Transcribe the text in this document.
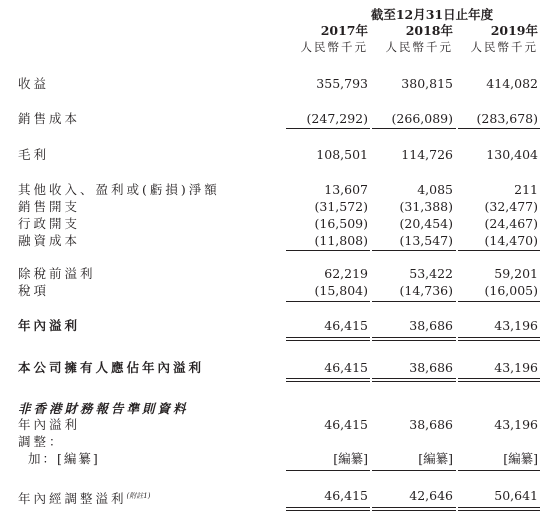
截至12月31日止年度
2017年	2018年	2019年
人民幣千元	人民幣千元	人民幣千元
收益	355,793	380,815	414,082
銷售成本	(247,292)	(266,089)	(283,678)
毛利	108,501	114,726	130,404
其他收入、盈利或(虧損)淨額	13,607	4,085	211
銷售開支	(31,572)	(31,388)	(32,477)
行政開支	(16,509)	(20,454)	(24,467)
融資成本	(11,808)	(13,547)	(14,470)
除稅前溢利	62,219	53,422	59,201
稅項	(15,804)	(14,736)	(16,005)
年內溢利	46,415	38,686	43,196
本公司擁有人應佔年內溢利	46,415	38,686	43,196
非香港財務報告準則資料
年內溢利	46,415	38,686	43,196
調整：
加：[編纂]	[編纂]	[編纂]	[編纂]
年內經調整溢利$^{(附註1)}$	46,415	42,646	50,641
